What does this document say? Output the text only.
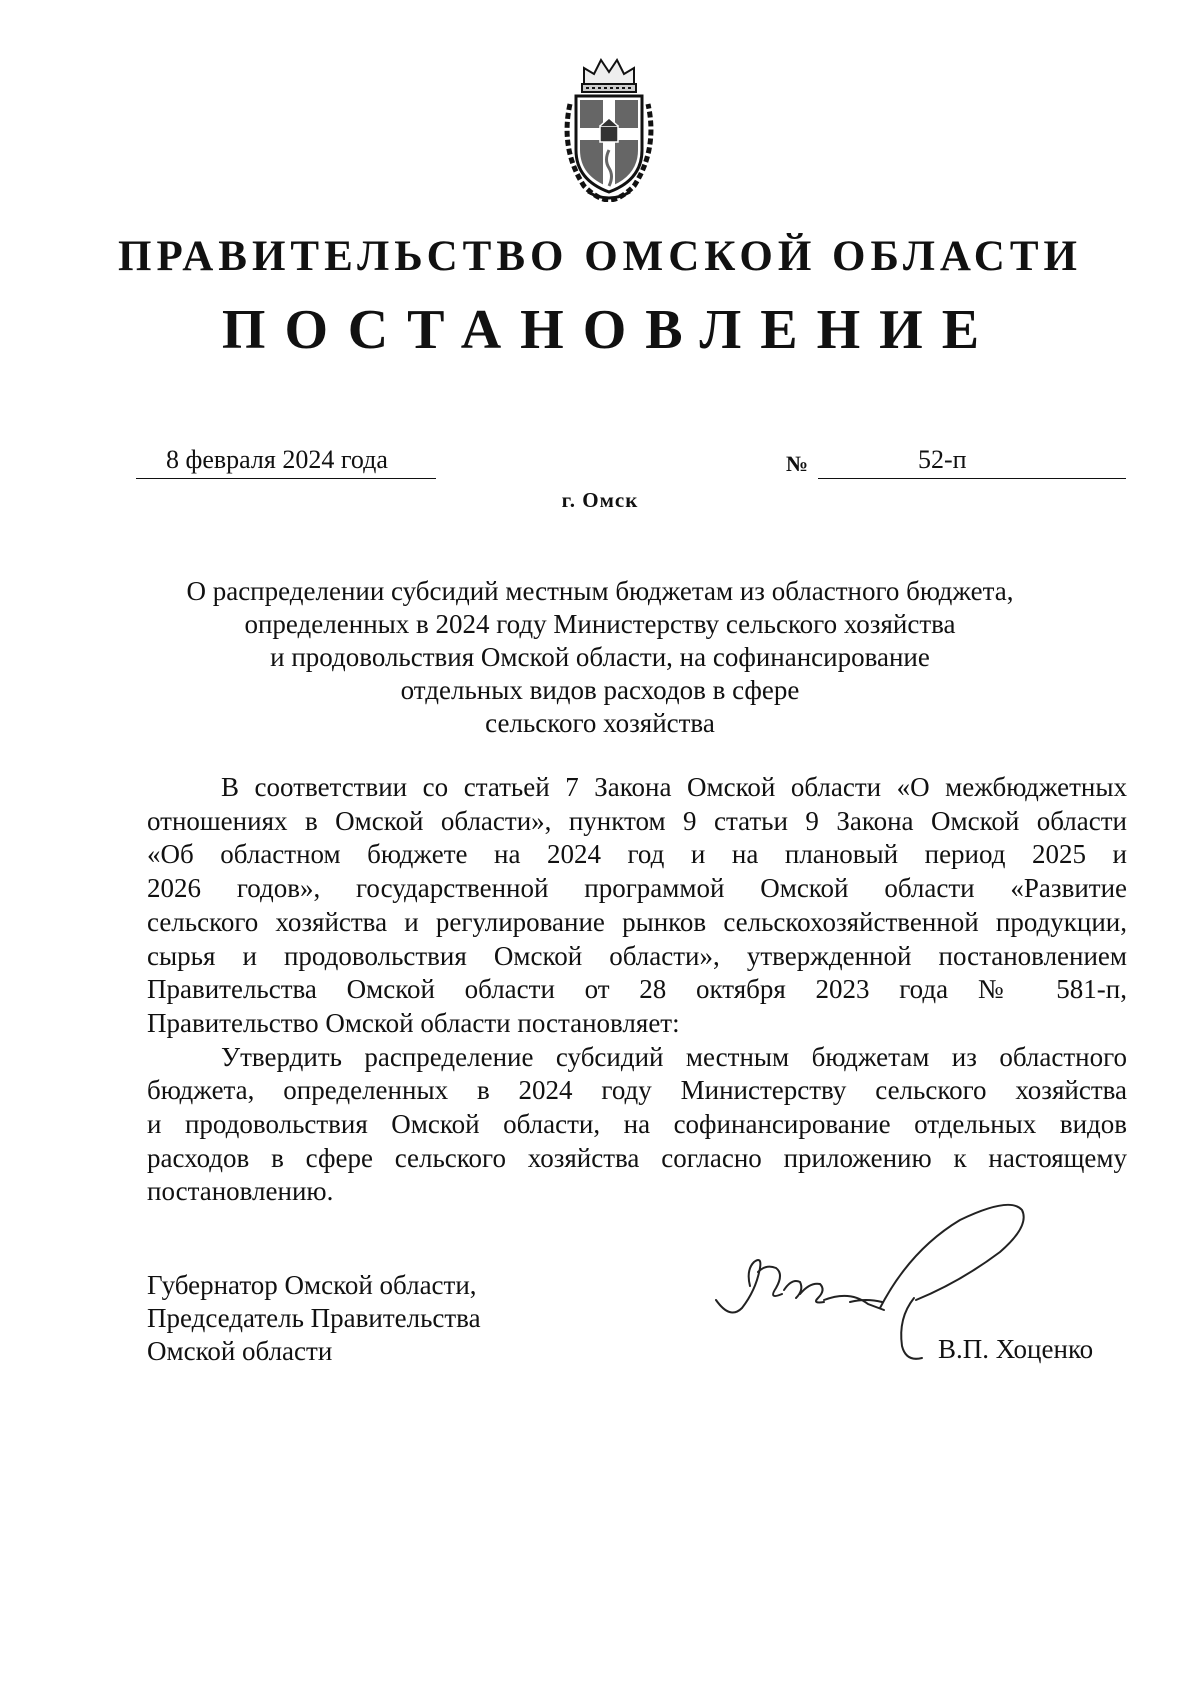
ПРАВИТЕЛЬСТВО ОМСКОЙ ОБЛАСТИ
ПОСТАНОВЛЕНИЕ
8 февраля 2024 года	№	52-п
г. Омск
О распределении субсидий местным бюджетам из областного бюджета,
определенных в 2024 году Министерству сельского хозяйства
и продовольствия Омской области, на софинансирование
отдельных видов расходов в сфере
сельского хозяйства
В соответствии со статьей 7 Закона Омской области «О межбюджетных
отношениях в Омской области», пунктом 9 статьи 9 Закона Омской области
«Об областном бюджете на 2024 год и на плановый период 2025 и
2026 годов», государственной программой Омской области «Развитие
сельского хозяйства и регулирование рынков сельскохозяйственной продукции,
сырья и продовольствия Омской области», утвержденной постановлением
Правительства Омской области от 28 октября 2023 года № 581-п,
Правительство Омской области постановляет:
Утвердить распределение субсидий местным бюджетам из областного
бюджета, определенных в 2024 году Министерству сельского хозяйства
и продовольствия Омской области, на софинансирование отдельных видов
расходов в сфере сельского хозяйства согласно приложению к настоящему
постановлению.
Губернатор Омской области,
Председатель Правительства
Омской области	В.П. Хоценко
